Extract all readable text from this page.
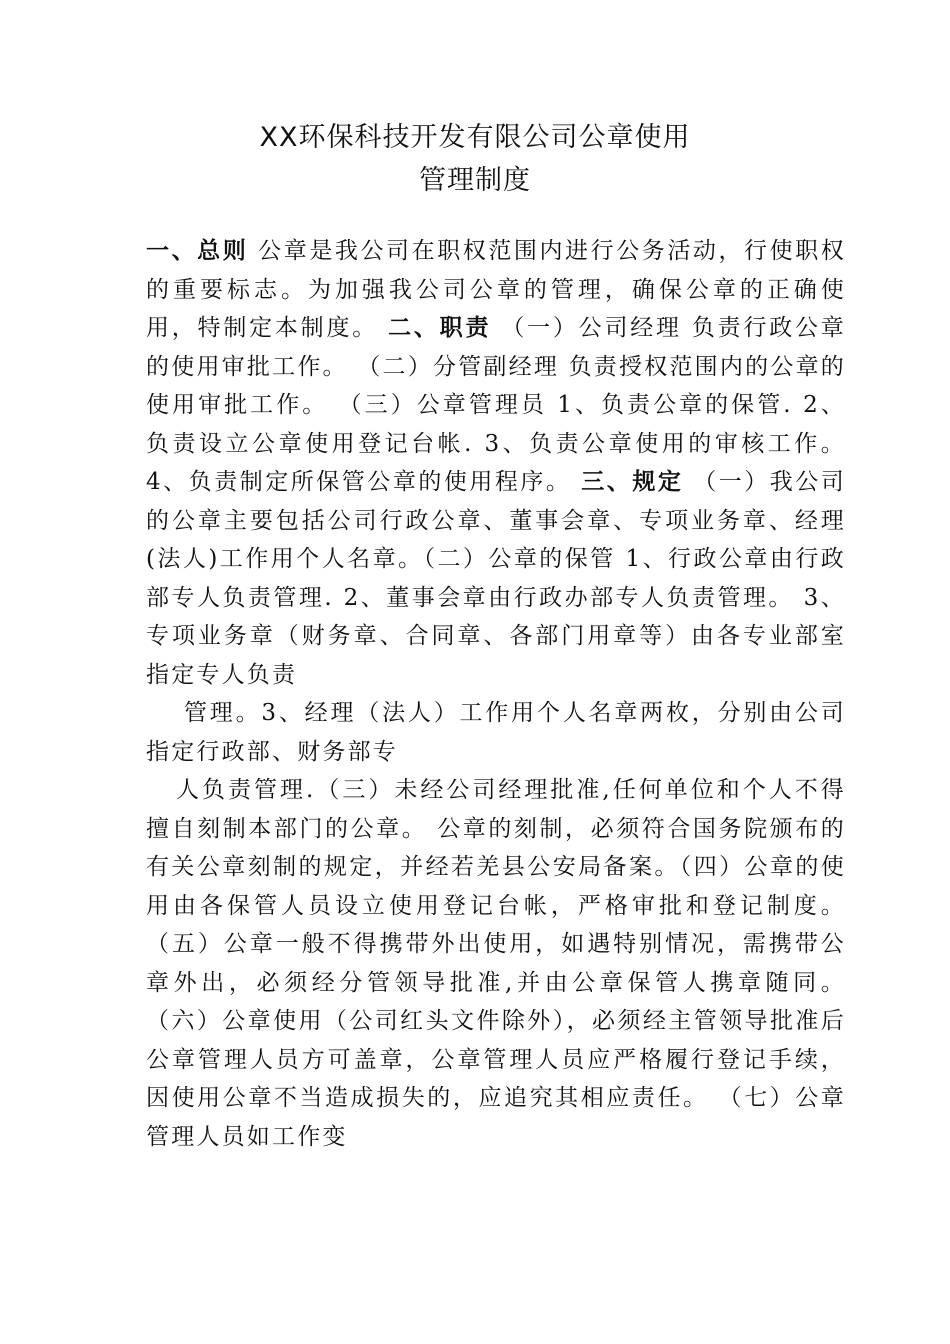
XX环保科技开发有限公司公章使用
管理制度

一、总则 公章是我公司在职权范围内进行公务活动，行使职权的重要标志。为加强我公司公章的管理，确保公章的正确使用，特制定本制度。 二、职责 （一）公司经理 负责行政公章的使用审批工作。 （二）分管副经理 负责授权范围内的公章的使用审批工作。 （三）公章管理员 1、负责公章的保管. 2、负责设立公章使用登记台帐. 3、负责公章使用的审核工作。 4、负责制定所保管公章的使用程序。 三、规定 （一）我公司的公章主要包括公司行政公章、董事会章、专项业务章、经理(法人)工作用个人名章。（二）公章的保管 1、行政公章由行政部专人负责管理. 2、董事会章由行政办部专人负责管理。 3、专项业务章（财务章、合同章、各部门用章等）由各专业部室指定专人负责

管理。3、经理（法人）工作用个人名章两枚，分别由公司指定行政部、财务部专

人负责管理.（三）未经公司经理批准,任何单位和个人不得擅自刻制本部门的公章。 公章的刻制，必须符合国务院颁布的有关公章刻制的规定，并经若羌县公安局备案。（四）公章的使用由各保管人员设立使用登记台帐，严格审批和登记制度。 （五）公章一般不得携带外出使用，如遇特别情况，需携带公章外出，必须经分管领导批准,并由公章保管人携章随同。 （六）公章使用（公司红头文件除外），必须经主管领导批准后公章管理人员方可盖章，公章管理人员应严格履行登记手续，因使用公章不当造成损失的，应追究其相应责任。 （七）公章管理人员如工作变
